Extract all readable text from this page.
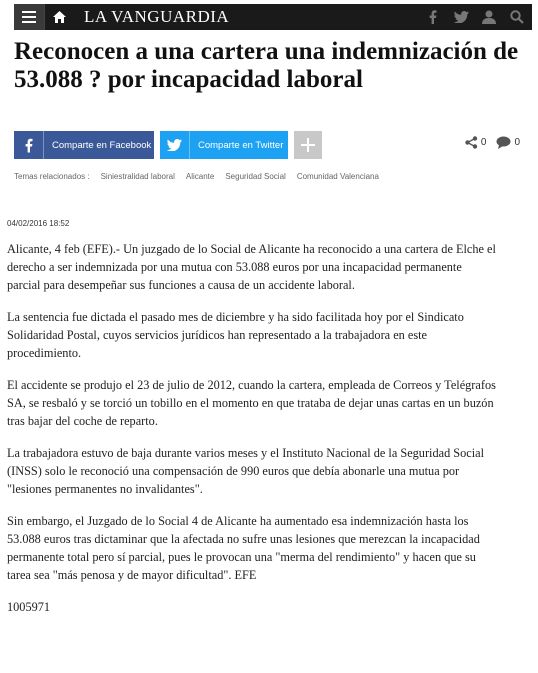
LA VANGUARDIA
Reconocen a una cartera una indemnización de 53.088 ? por incapacidad laboral
Comparte en Facebook	Comparte en Twitter	0	0
Temas relacionados : Siniestralidad laboral Alicante Seguridad Social Comunidad Valenciana
04/02/2016 18:52

Alicante, 4 feb (EFE).- Un juzgado de lo Social de Alicante ha reconocido a una cartera de Elche el derecho a ser indemnizada por una mutua con 53.088 euros por una incapacidad permanente parcial para desempeñar sus funciones a causa de un accidente laboral.

La sentencia fue dictada el pasado mes de diciembre y ha sido facilitada hoy por el Sindicato Solidaridad Postal, cuyos servicios jurídicos han representado a la trabajadora en este procedimiento.

El accidente se produjo el 23 de julio de 2012, cuando la cartera, empleada de Correos y Telégrafos SA, se resbaló y se torció un tobillo en el momento en que trataba de dejar unas cartas en un buzón tras bajar del coche de reparto.

La trabajadora estuvo de baja durante varios meses y el Instituto Nacional de la Seguridad Social (INSS) solo le reconoció una compensación de 990 euros que debía abonarle una mutua por "lesiones permanentes no invalidantes".

Sin embargo, el Juzgado de lo Social 4 de Alicante ha aumentado esa indemnización hasta los 53.088 euros tras dictaminar que la afectada no sufre unas lesiones que merezcan la incapacidad permanente total pero sí parcial, pues le provocan una "merma del rendimiento" y hacen que su tarea sea "más penosa y de mayor dificultad". EFE

1005971
